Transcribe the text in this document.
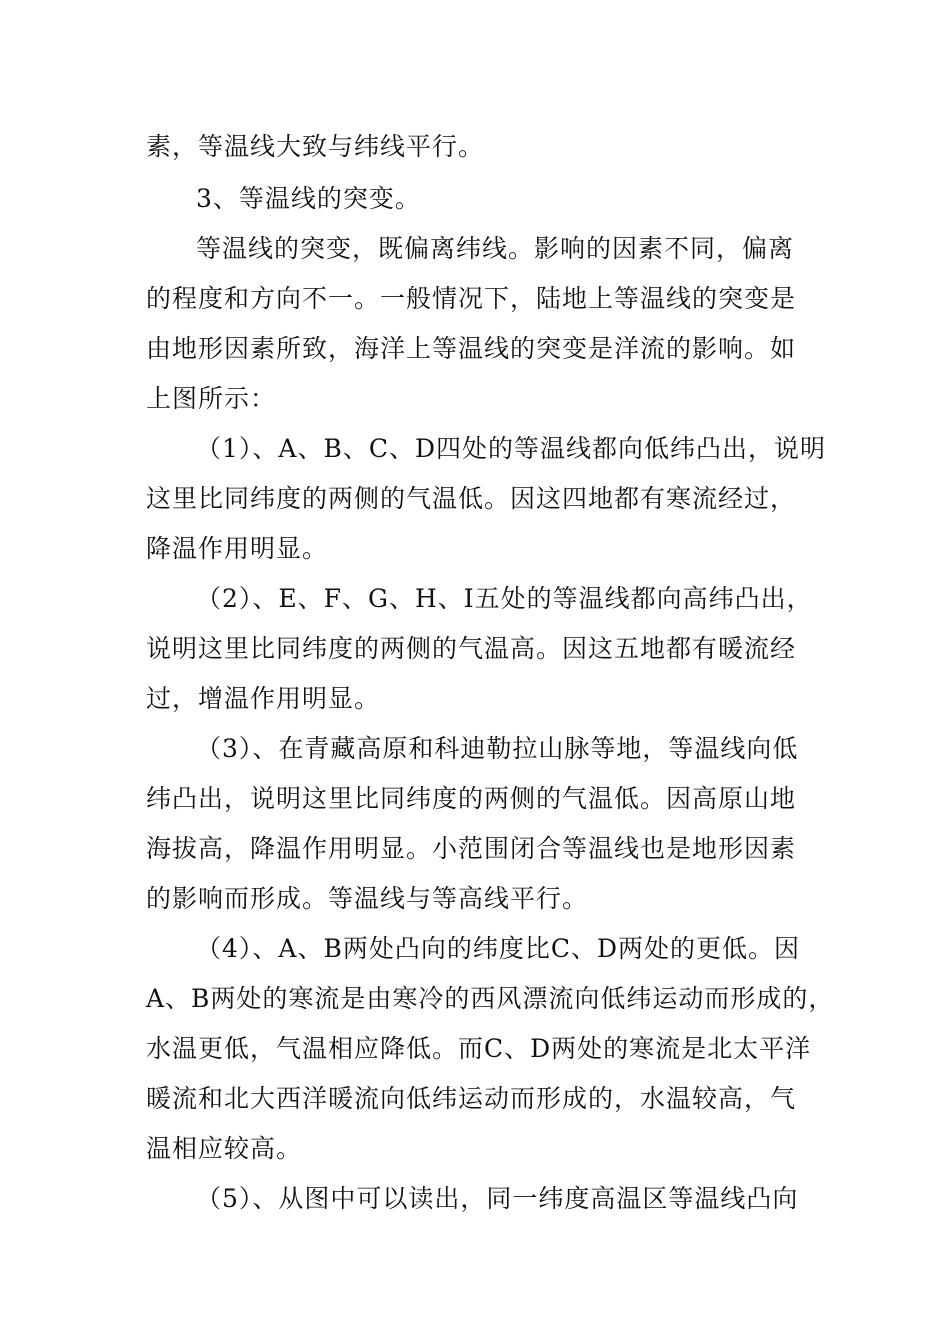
素，等温线大致与纬线平行。
3、等温线的突变。
等温线的突变，既偏离纬线。影响的因素不同，偏离
的程度和方向不一。一般情况下，陆地上等温线的突变是
由地形因素所致，海洋上等温线的突变是洋流的影响。如
上图所示：
（1）、A、B、C、D四处的等温线都向低纬凸出，说明
这里比同纬度的两侧的气温低。因这四地都有寒流经过，
降温作用明显。
（2）、E、F、G、H、I五处的等温线都向高纬凸出，
说明这里比同纬度的两侧的气温高。因这五地都有暖流经
过，增温作用明显。
（3）、在青藏高原和科迪勒拉山脉等地，等温线向低
纬凸出，说明这里比同纬度的两侧的气温低。因高原山地
海拔高，降温作用明显。小范围闭合等温线也是地形因素
的影响而形成。等温线与等高线平行。
（4）、A、B两处凸向的纬度比C、D两处的更低。因
A、B两处的寒流是由寒冷的西风漂流向低纬运动而形成的，
水温更低，气温相应降低。而C、D两处的寒流是北太平洋
暖流和北大西洋暖流向低纬运动而形成的，水温较高，气
温相应较高。
（5）、从图中可以读出，同一纬度高温区等温线凸向
